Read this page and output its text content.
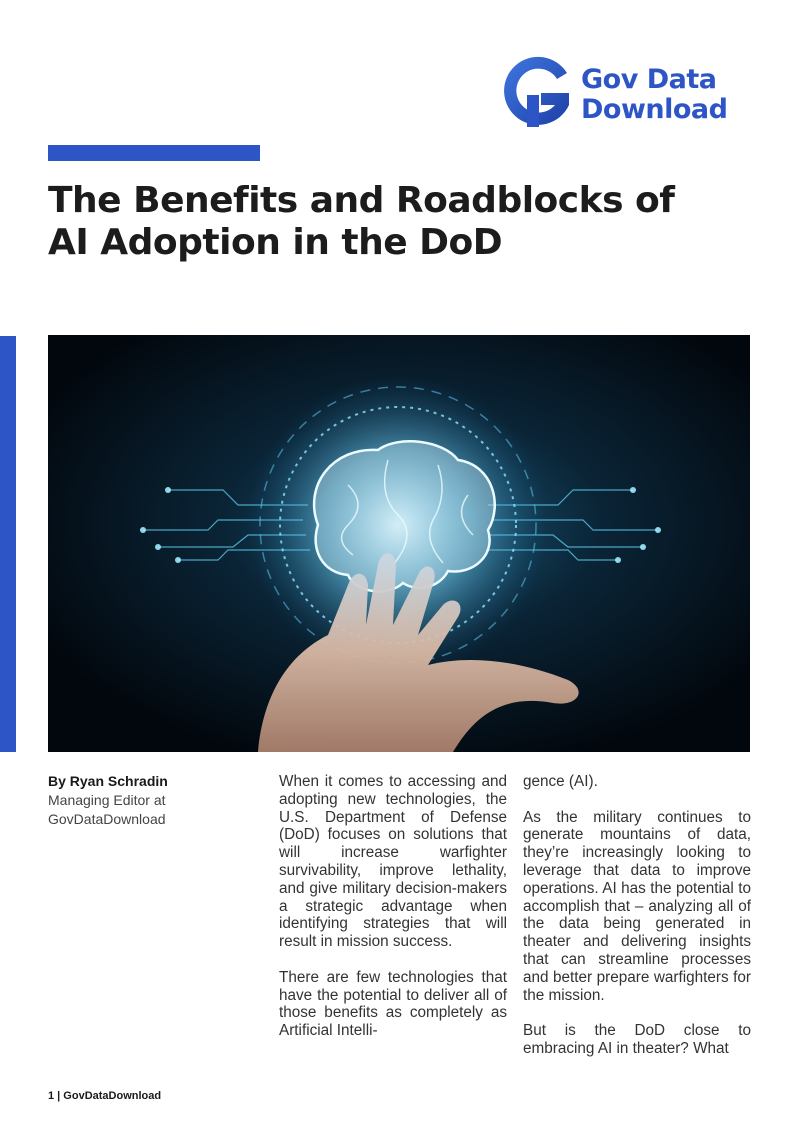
Gov Data
Download
The Benefits and Roadblocks of
AI Adoption in the DoD
By Ryan Schradin
Managing Editor at
GovDataDownload

When it comes to accessing and adopting new technologies, the U.S. Department of Defense (DoD) focuses on solutions that will increase warfighter survivability, improve lethality, and give military decision-makers a strategic advantage when identifying strategies that will result in mission success.

There are few technologies that have the potential to deliver all of those benefits as completely as Artificial Intelli-

gence (AI).

As the military continues to generate mountains of data, they’re increasingly looking to leverage that data to improve operations. AI has the potential to accomplish that – analyzing all of the data being generated in theater and delivering insights that can streamline processes and better prepare warfighters for the mission.

But is the DoD close to embracing AI in theater? What

1 | GovDataDownload
